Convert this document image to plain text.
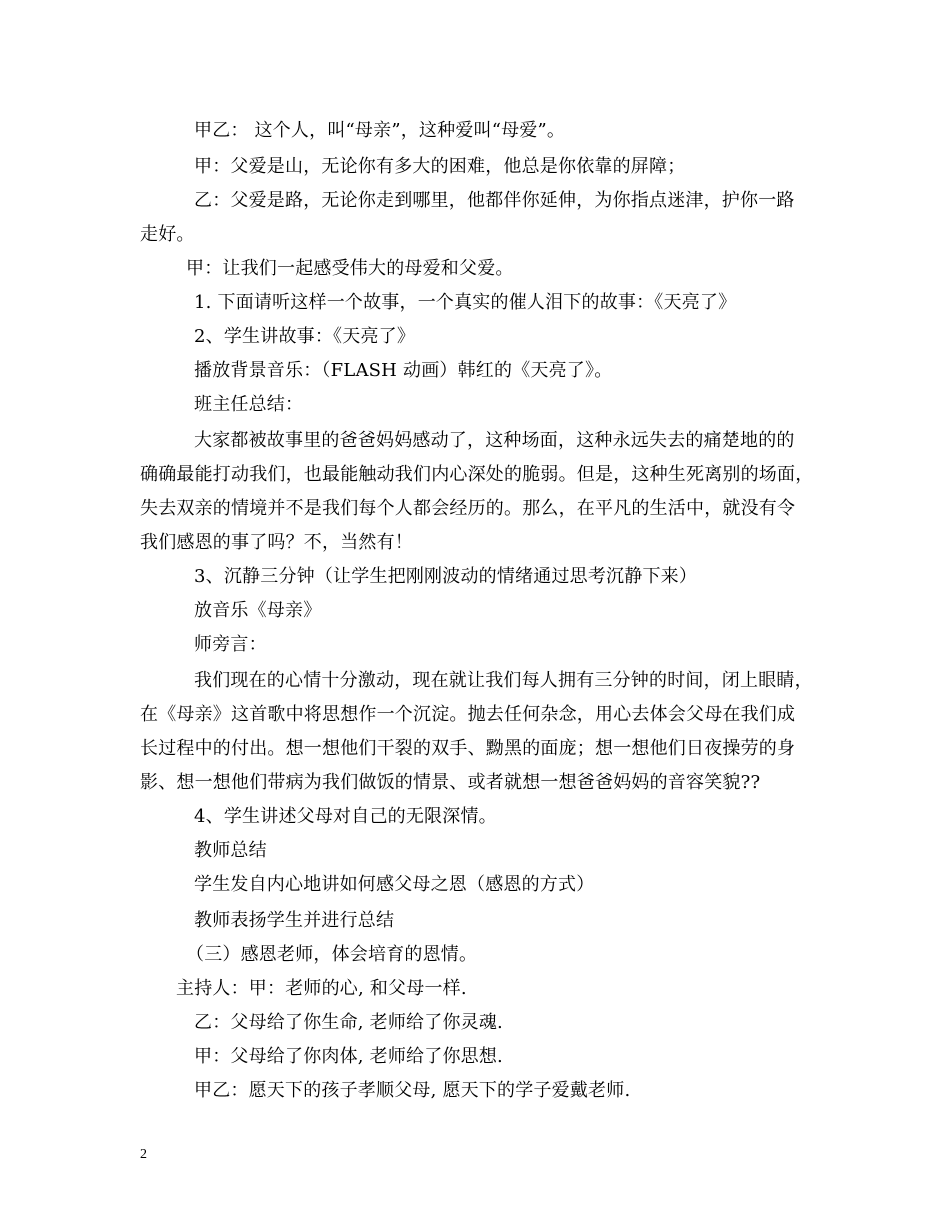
甲乙： 这个人，叫“母亲”，这种爱叫“母爱”。
甲：父爱是山，无论你有多大的困难，他总是你依靠的屏障；
乙：父爱是路，无论你走到哪里，他都伴你延伸，为你指点迷津，护你一路
走好。
甲：让我们一起感受伟大的母爱和父爱。
1. 下面请听这样一个故事，一个真实的催人泪下的故事：《天亮了》
2、学生讲故事：《天亮了》
播放背景音乐：（FLASH 动画）韩红的《天亮了》。
班主任总结：
大家都被故事里的爸爸妈妈感动了，这种场面，这种永远失去的痛楚地的的
确确最能打动我们，也最能触动我们内心深处的脆弱。但是，这种生死离别的场面，
失去双亲的情境并不是我们每个人都会经历的。那么，在平凡的生活中，就没有令
我们感恩的事了吗？不，当然有！
3、沉静三分钟（让学生把刚刚波动的情绪通过思考沉静下来）
放音乐《母亲》
师旁言：
我们现在的心情十分激动，现在就让我们每人拥有三分钟的时间，闭上眼睛，
在《母亲》这首歌中将思想作一个沉淀。抛去任何杂念，用心去体会父母在我们成
长过程中的付出。想一想他们干裂的双手、黝黑的面庞；想一想他们日夜操劳的身
影、想一想他们带病为我们做饭的情景、或者就想一想爸爸妈妈的音容笑貌??
4、学生讲述父母对自己的无限深情。
教师总结
学生发自内心地讲如何感父母之恩（感恩的方式）
教师表扬学生并进行总结
（三）感恩老师，体会培育的恩情。
主持人：甲：老师的心, 和父母一样.
乙：父母给了你生命, 老师给了你灵魂.
甲：父母给了你肉体, 老师给了你思想.
甲乙：愿天下的孩子孝顺父母, 愿天下的学子爱戴老师.
2
